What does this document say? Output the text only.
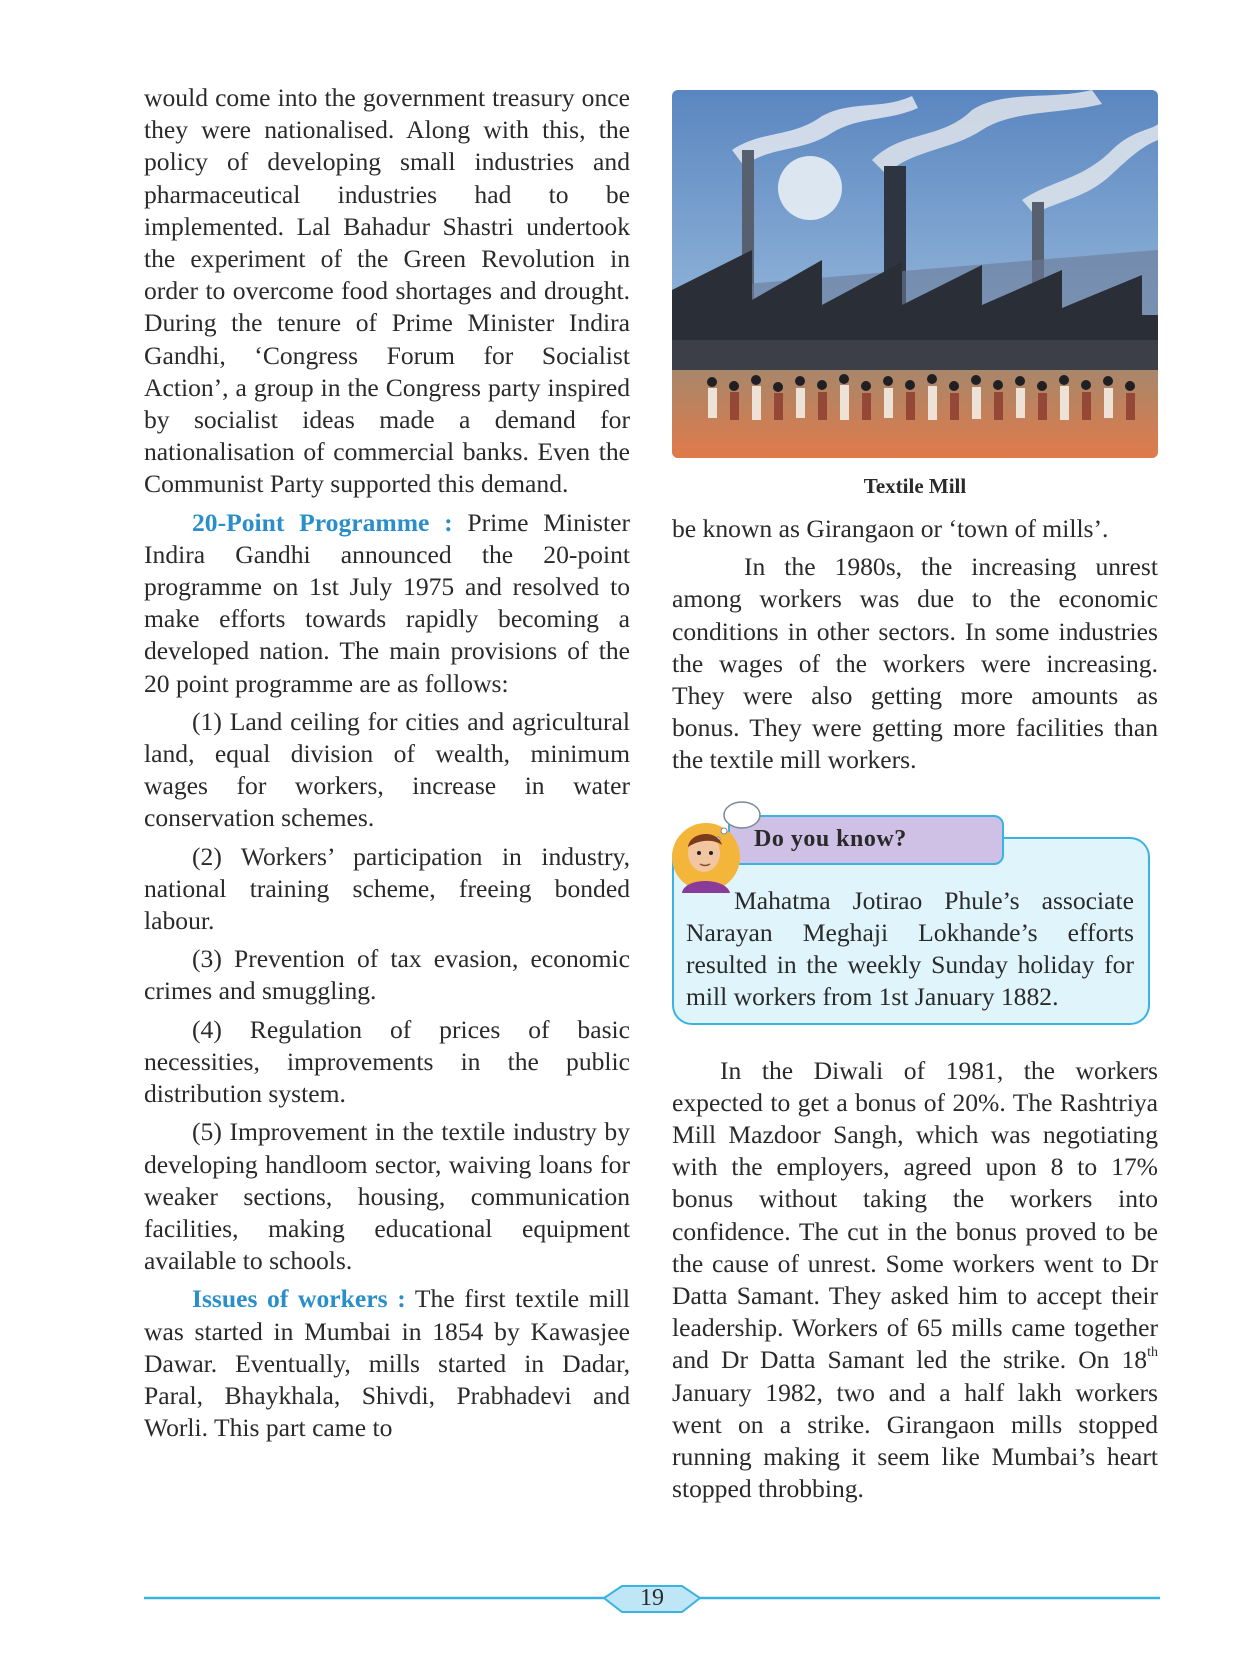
would come into the government treasury once they were nationalised. Along with this, the policy of developing small industries and pharmaceutical industries had to be implemented. Lal Bahadur Shastri undertook the experiment of the Green Revolution in order to overcome food shortages and drought. During the tenure of Prime Minister Indira Gandhi, ‘Congress Forum for Socialist Action’, a group in the Congress party inspired by socialist ideas made a demand for nationalisation of commercial banks. Even the Communist Party supported this demand.

20-Point Programme : Prime Minister Indira Gandhi announced the 20-point programme on 1st July 1975 and resolved to make efforts towards rapidly becoming a developed nation. The main provisions of the 20 point programme are as follows:

(1) Land ceiling for cities and agricultural land, equal division of wealth, minimum wages for workers, increase in water conservation schemes.

(2) Workers’ participation in industry, national training scheme, freeing bonded labour.

(3) Prevention of tax evasion, economic crimes and smuggling.

(4) Regulation of prices of basic necessities, improvements in the public distribution system.

(5) Improvement in the textile industry by developing handloom sector, waiving loans for weaker sections, housing, communication facilities, making educational equipment available to schools.

Issues of workers : The first textile mill was started in Mumbai in 1854 by Kawasjee Dawar. Eventually, mills started in Dadar, Paral, Bhaykhala, Shivdi, Prabhadevi and Worli. This part came to

Textile Mill

be known as Girangaon or ‘town of mills’.

In the 1980s, the increasing unrest among workers was due to the economic conditions in other sectors. In some industries the wages of the workers were increasing. They were also getting more amounts as bonus. They were getting more facilities than the textile mill workers.

Mahatma Jotirao Phule’s associate Narayan Meghaji Lokhande’s efforts resulted in the weekly Sunday holiday for mill workers from 1st January 1882.

Do you know?

In the Diwali of 1981, the workers expected to get a bonus of 20%. The Rashtriya Mill Mazdoor Sangh, which was negotiating with the employers, agreed upon 8 to 17% bonus without taking the workers into confidence. The cut in the bonus proved to be the cause of unrest. Some workers went to Dr Datta Samant. They asked him to accept their leadership. Workers of 65 mills came together and Dr Datta Samant led the strike. On 18th January 1982, two and a half lakh workers went on a strike. Girangaon mills stopped running making it seem like Mumbai’s heart stopped throbbing.

19
